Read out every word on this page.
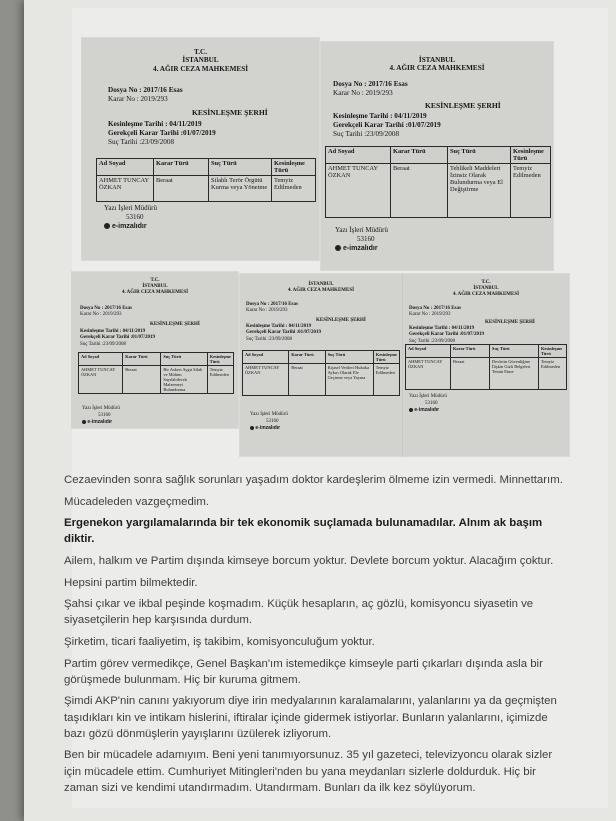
T.C.
İSTANBUL
4. AĞIR CEZA MAHKEMESİ
Dosya No : 2017/16 Esas
Karar No : 2019/293
KESİNLEŞME ŞERHİ
Kesinleşme Tarihi : 04/11/2019
Gerekçeli Karar Tarihi :01/07/2019
Suç Tarihi :23/09/2008
Ad Soyad	Karar Türü	Suç Türü	Kesinleşme Türü
AHMET TUNCAY ÖZKAN	Beraat	Silahlı Terör Örgütü Kurma veya Yönetme	Temyiz Edilmeden
Yazı İşleri Müdürü
53160
e-imzalıdır
İSTANBUL
4. AĞIR CEZA MAHKEMESİ
Dosya No : 2017/16 Esas
Karar No : 2019/293
KESİNLEŞME ŞERHİ
Kesinleşme Tarihi : 04/11/2019
Gerekçeli Karar Tarihi :01/07/2019
Suç Tarihi :23/09/2008
Ad Soyad	Karar Türü	Suç Türü	Kesinleşme Türü
AHMET TUNCAY ÖZKAN	Beraat	Tehlikeli Maddeleri İzinsiz Olarak Bulundurma veya El Değiştirme	Temyiz Edilmeden
Yazı İşleri Müdürü
53160
e-imzalıdır
T.C.
İSTANBUL
4. AĞIR CEZA MAHKEMESİ
Dosya No : 2017/16 Esas
Karar No : 2019/293
KESİNLEŞME ŞERHİ
Kesinleşme Tarihi : 04/11/2019
Gerekçeli Karar Tarihi :01/07/2019
Suç Tarihi :23/09/2008
Ad Soyad	Karar Türü	Suç Türü	Kesinleşme Türü
AHMET TUNCAY ÖZKAN	Beraat	Bir Askeri Aygıt Silah ve Mühim Sayılabilecek Malzemeyi Bulundurma	Temyiz Edilmeden
Yazı İşleri Müdürü
53160
e-imzalıdır
İSTANBUL
4. AĞIR CEZA MAHKEMESİ
Dosya No : 2017/16 Esas
Karar No : 2019/293
KESİNLEŞME ŞERHİ
Kesinleşme Tarihi : 04/11/2019
Gerekçeli Karar Tarihi :01/07/2019
Suç Tarihi :23/09/2008
Ad Soyad	Karar Türü	Suç Türü	Kesinleşme Türü
AHMET TUNCAY ÖZKAN	Beraat	Kişisel Verileri Hukuka Aykırı Olarak Ele Geçirme veya Yayma	Temyiz Edilmeden
Yazı İşleri Müdürü
53160
e-imzalıdır
T.C.
İSTANBUL
4. AĞIR CEZA MAHKEMESİ
Dosya No : 2017/16 Esas
Karar No : 2019/293
KESİNLEŞME ŞERHİ
Kesinleşme Tarihi : 04/11/2019
Gerekçeli Karar Tarihi :01/07/2019
Suç Tarihi :23/09/2008
Ad Soyad	Karar Türü	Suç Türü	Kesinleşme Türü
AHMET TUNCAY ÖZKAN	Beraat	Devletin Güvenliğine İlişkin Gizli Belgeleri Temin Etme	Temyiz Edilmeden
Yazı İşleri Müdürü
53160
e-imzalıdır

Cezaevinden sonra sağlık sorunları yaşadım doktor kardeşlerim ölmeme izin vermedi. Minnettarım.

Mücadeleden vazgeçmedim.

Ergenekon yargılamalarında bir tek ekonomik suçlamada bulunamadılar. Alnım ak başım diktir.

Ailem, halkım ve Partim dışında kimseye borcum yoktur. Devlete borcum yoktur. Alacağım çoktur.

Hepsini partim bilmektedir.

Şahsi çıkar ve ikbal peşinde koşmadım. Küçük hesapların, aç gözlü, komisyoncu siyasetin ve siyasetçilerin hep karşısında durdum.

Şirketim, ticari faaliyetim, iş takibim, komisyonculuğum yoktur.

Partim görev vermedikçe, Genel Başkan'ım istemedikçe kimseyle parti çıkarları dışında asla bir görüşmede bulunmam. Hiç bir kuruma gitmem.

Şimdi AKP'nin canını yakıyorum diye irin medyalarının karalamalarını, yalanlarını ya da geçmişten taşıdıkları kin ve intikam hislerini, iftiralar içinde gidermek istiyorlar. Bunların yalanlarını, içimizde bazı gözü dönmüşlerin yayışlarını üzülerek izliyorum.

Ben bir mücadele adamıyım. Beni yeni tanımıyorsunuz. 35 yıl gazeteci, televizyoncu olarak sizler için mücadele ettim. Cumhuriyet Mitingleri'nden bu yana meydanları sizlerle doldurduk. Hiç bir zaman sizi ve kendimi utandırmadım. Utandırmam. Bunları da ilk kez söylüyorum.
